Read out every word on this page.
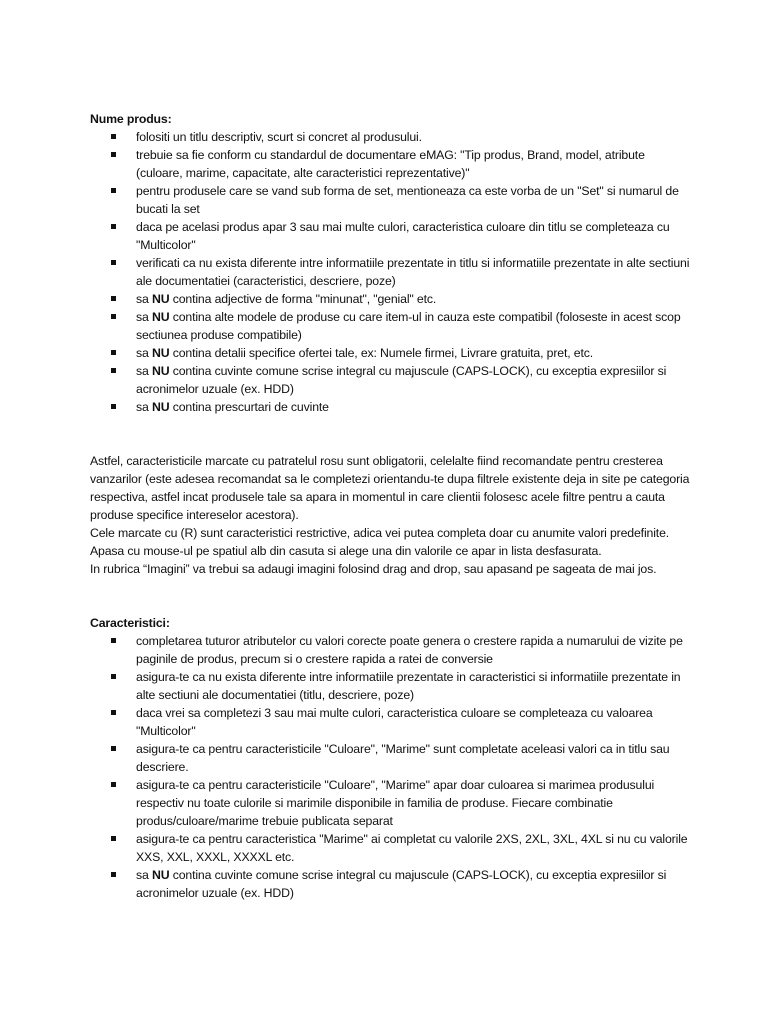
Nume produs:

folositi un titlu descriptiv, scurt si concret al produsului.
trebuie sa fie conform cu standardul de documentare eMAG: "Tip produs, Brand, model, atribute (culoare, marime, capacitate, alte caracteristici reprezentative)"
pentru produsele care se vand sub forma de set, mentioneaza ca este vorba de un "Set" si numarul de bucati la set
daca pe acelasi produs apar 3 sau mai multe culori, caracteristica culoare din titlu se completeaza cu "Multicolor"
verificati ca nu exista diferente intre informatiile prezentate in titlu si informatiile prezentate in alte sectiuni ale documentatiei (caracteristici, descriere, poze)
sa NU contina adjective de forma "minunat", "genial" etc.
sa NU contina alte modele de produse cu care item-ul in cauza este compatibil (foloseste in acest scop sectiunea produse compatibile)
sa NU contina detalii specifice ofertei tale, ex: Numele firmei, Livrare gratuita, pret, etc.
sa NU contina cuvinte comune scrise integral cu majuscule (CAPS-LOCK), cu exceptia expresiilor si acronimelor uzuale (ex. HDD)
sa NU contina prescurtari de cuvinte

Astfel, caracteristicile marcate cu patratelul rosu sunt obligatorii, celelalte fiind recomandate pentru cresterea vanzarilor (este adesea recomandat sa le completezi orientandu-te dupa filtrele existente deja in site pe categoria respectiva, astfel incat produsele tale sa apara in momentul in care clientii folosesc acele filtre pentru a cauta produse specifice intereselor acestora).

Cele marcate cu (R) sunt caracteristici restrictive, adica vei putea completa doar cu anumite valori predefinite. Apasa cu mouse-ul pe spatiul alb din casuta si alege una din valorile ce apar in lista desfasurata.

In rubrica “Imagini” va trebui sa adaugi imagini folosind drag and drop, sau apasand pe sageata de mai jos.

Caracteristici:

completarea tuturor atributelor cu valori corecte poate genera o crestere rapida a numarului de vizite pe paginile de produs, precum si o crestere rapida a ratei de conversie
asigura-te ca nu exista diferente intre informatiile prezentate in caracteristici si informatiile prezentate in alte sectiuni ale documentatiei (titlu, descriere, poze)
daca vrei sa completezi 3 sau mai multe culori, caracteristica culoare se completeaza cu valoarea "Multicolor"
asigura-te ca pentru caracteristicile "Culoare", "Marime" sunt completate aceleasi valori ca in titlu sau descriere.
asigura-te ca pentru caracteristicile "Culoare", "Marime" apar doar culoarea si marimea produsului respectiv nu toate culorile si marimile disponibile in familia de produse. Fiecare combinatie produs/culoare/marime trebuie publicata separat
asigura-te ca pentru caracteristica "Marime" ai completat cu valorile 2XS, 2XL, 3XL, 4XL si nu cu valorile XXS, XXL, XXXL, XXXXL etc.
sa NU contina cuvinte comune scrise integral cu majuscule (CAPS-LOCK), cu exceptia expresiilor si acronimelor uzuale (ex. HDD)
